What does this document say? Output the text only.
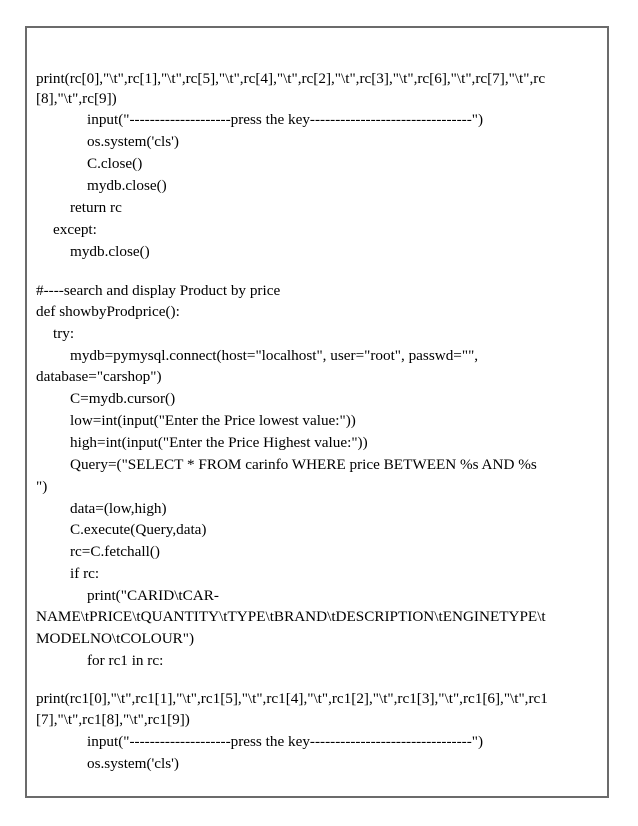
print(rc[0],"\t",rc[1],"\t",rc[5],"\t",rc[4],"\t",rc[2],"\t",rc[3],"\t",rc[6],"\t",rc[7],"\t",rc
[8],"\t",rc[9])
input("--------------------press the key--------------------------------")
os.system('cls')
C.close()
mydb.close()
return rc
except:
mydb.close()
#----search and display Product by price
def showbyProdprice():
try:
mydb=pymysql.connect(host="localhost", user="root", passwd="",
database="carshop")
C=mydb.cursor()
low=int(input("Enter the Price lowest value:"))
high=int(input("Enter the Price Highest value:"))
Query=("SELECT * FROM carinfo WHERE price BETWEEN %s AND %s
")
data=(low,high)
C.execute(Query,data)
rc=C.fetchall()
if rc:
print("CARID\tCAR-
NAME\tPRICE\tQUANTITY\tTYPE\tBRAND\tDESCRIPTION\tENGINETYPE\t
MODELNO\tCOLOUR")
for rc1 in rc:
print(rc1[0],"\t",rc1[1],"\t",rc1[5],"\t",rc1[4],"\t",rc1[2],"\t",rc1[3],"\t",rc1[6],"\t",rc1
[7],"\t",rc1[8],"\t",rc1[9])
input("--------------------press the key--------------------------------")
os.system('cls')
